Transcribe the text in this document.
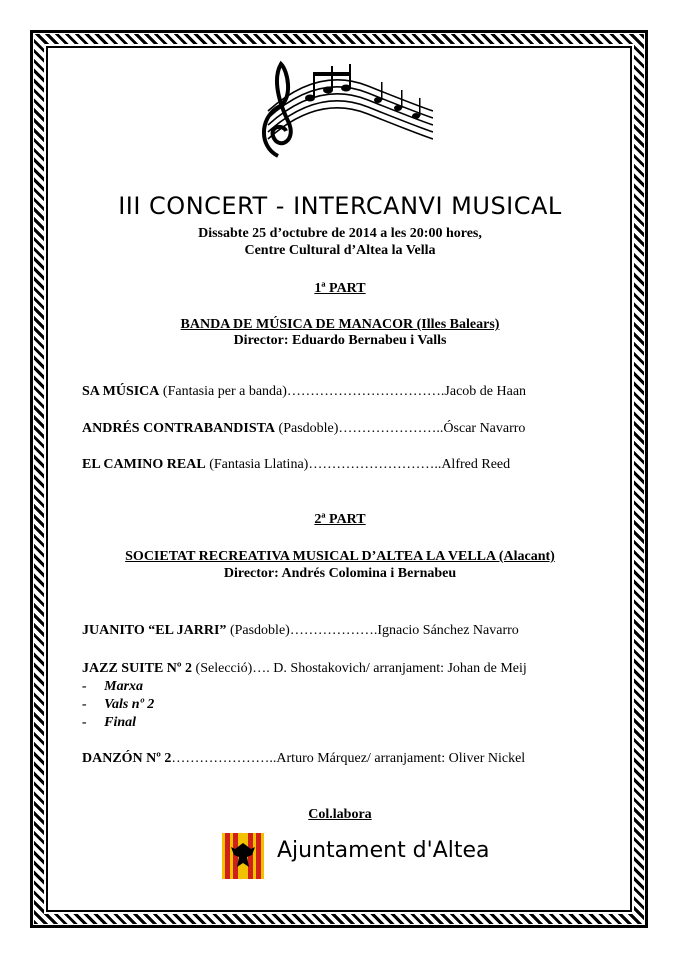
III CONCERT - INTERCANVI MUSICAL
Dissabte 25 d’octubre de 2014 a les 20:00 hores,
Centre Cultural d’Altea la Vella
1ª PART
BANDA DE MÚSICA DE MANACOR (Illes Balears)
Director: Eduardo Bernabeu i Valls
SA MÚSICA (Fantasia per a banda)…………………………….Jacob de Haan
ANDRÉS CONTRABANDISTA (Pasdoble)…………………..Óscar Navarro
EL CAMINO REAL (Fantasia Llatina)………………………..Alfred Reed
2ª PART
SOCIETAT RECREATIVA MUSICAL D’ALTEA LA VELLA (Alacant)
Director: Andrés Colomina i Bernabeu
JUANITO “EL JARRI” (Pasdoble)……………….Ignacio Sánchez Navarro
JAZZ SUITE Nº 2 (Selecció)…. D. Shostakovich/ arranjament: Johan de Meij
-     Marxa
-     Vals nº 2
-     Final
DANZÓN Nº 2…………………..Arturo Márquez/ arranjament: Oliver Nickel
Col.labora
Ajuntament d'Altea
